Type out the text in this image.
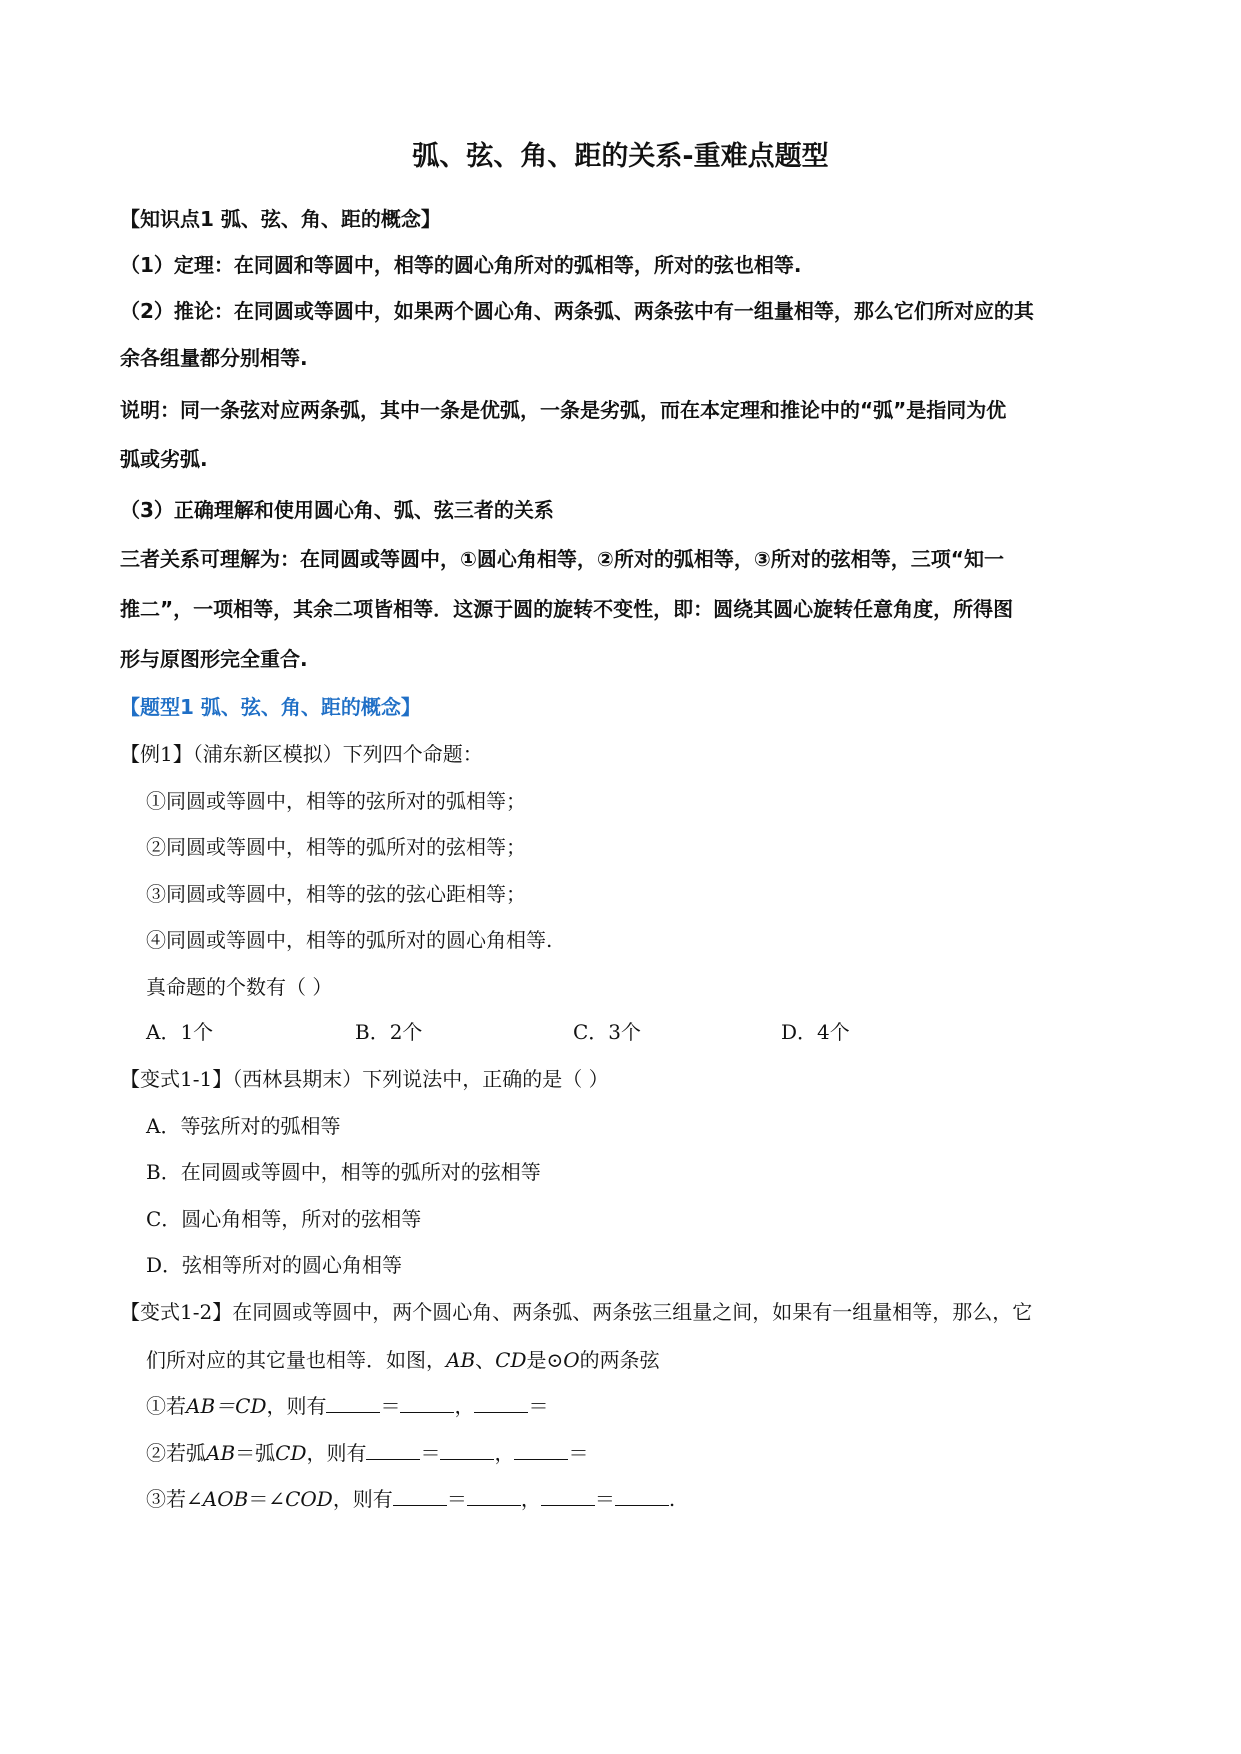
弧、弦、角、距的关系-重难点题型
【知识点1 弧、弦、角、距的概念】
（1）定理：在同圆和等圆中，相等的圆心角所对的弧相等，所对的弦也相等.
（2）推论：在同圆或等圆中，如果两个圆心角、两条弧、两条弦中有一组量相等，那么它们所对应的其
余各组量都分别相等.
说明：同一条弦对应两条弧，其中一条是优弧，一条是劣弧，而在本定理和推论中的“弧”是指同为优
弧或劣弧.
（3）正确理解和使用圆心角、弧、弦三者的关系
三者关系可理解为：在同圆或等圆中，①圆心角相等，②所对的弧相等，③所对的弦相等，三项“知一
推二”，一项相等，其余二项皆相等．这源于圆的旋转不变性，即：圆绕其圆心旋转任意角度，所得图
形与原图形完全重合.
【题型1 弧、弦、角、距的概念】
【例1】（浦东新区模拟）下列四个命题：
①同圆或等圆中，相等的弦所对的弧相等；
②同圆或等圆中，相等的弧所对的弦相等；
③同圆或等圆中，相等的弦的弦心距相等；
④同圆或等圆中，相等的弧所对的圆心角相等.
真命题的个数有（ ）
A．1个	B．2个	C．3个	D．4个
【变式1-1】（西林县期末）下列说法中，正确的是（ ）
A．等弦所对的弧相等
B．在同圆或等圆中，相等的弧所对的弦相等
C．圆心角相等，所对的弦相等
D．弦相等所对的圆心角相等
【变式1-2】在同圆或等圆中，两个圆心角、两条弧、两条弦三组量之间，如果有一组量相等，那么，它
们所对应的其它量也相等．如图，AB、CD是⊙O的两条弦
①若AB＝CD，则有	＝	，	＝
②若弧AB＝弧CD，则有	＝	，	＝
③若∠AOB＝∠COD，则有	＝	，	＝	.
